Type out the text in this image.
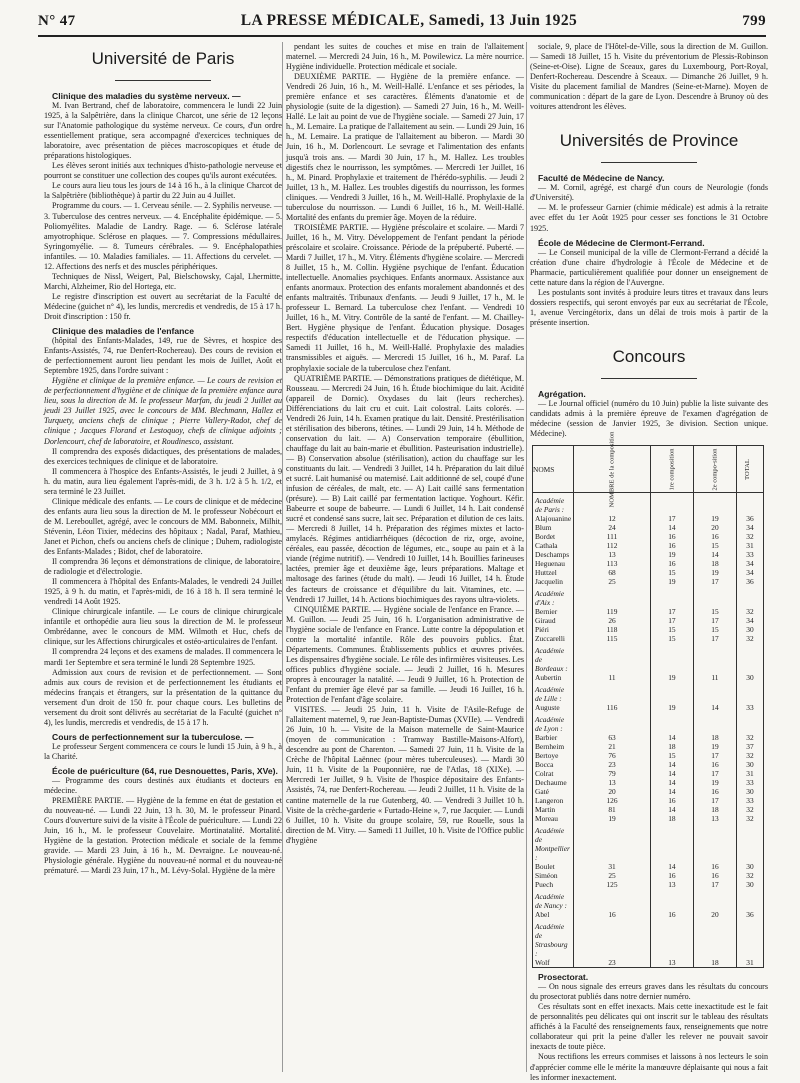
N° 47	LA PRESSE MÉDICALE, Samedi, 13 Juin 1925	799
Université de Paris
Clinique des maladies du système nerveux. —

M. Ivan Bertrand, chef de laboratoire, commencera le lundi 22 Juin 1925, à la Salpêtrière, dans la clinique Charcot, une série de 12 leçons sur l'Anatomie pathologique du système nerveux. Ce cours, d'un ordre essentiellement pratique, sera accompagné d'exercices techniques de laboratoire, avec présentation de pièces macroscopiques et étude de préparations histologiques.

Les élèves seront initiés aux techniques d'histo-pathologie nerveuse et pourront se constituer une collection des coupes qu'ils auront exécutées.

Le cours aura lieu tous les jours de 14 à 16 h., à la clinique Charcot de la Salpêtrière (bibliothèque) à partir du 22 Juin au 4 Juillet.

Programme du cours. — 1. Cerveau sénile. — 2. Syphilis nerveuse. — 3. Tuberculose des centres nerveux. — 4. Encéphalite épidémique. — 5. Poliomyélites. Maladie de Landry. Rage. — 6. Sclérose latérale amyotrophique. Sclérose en plaques. — 7. Compressions médullaires. Syringomyélie. — 8. Tumeurs cérébrales. — 9. Encéphalopathies infantiles. — 10. Maladies familiales. — 11. Affections du cervelet. — 12. Affections des nerfs et des muscles périphériques.

Techniques de Nissl, Weigert, Pal, Bielschowsky, Cajal, Lhermitte, Marchi, Alzheimer, Rio del Hortega, etc.

Le registre d'inscription est ouvert au secrétariat de la Faculté de Médecine (guichet n° 4), les lundis, mercredis et vendredis, de 15 à 17 h. Droit d'inscription : 150 fr.

Clinique des maladies de l'enfance

(hôpital des Enfants-Malades, 149, rue de Sèvres, et hospice des Enfants-Assistés, 74, rue Denfert-Rochereau). Des cours de revision et de perfectionnement auront lieu pendant les mois de Juillet, Août et Septembre 1925, dans l'ordre suivant :

Hygiène et clinique de la première enfance. — Le cours de revision et de perfectionnement d'hygiène et de clinique de la première enfance aura lieu, sous la direction de M. le professeur Marfan, du jeudi 2 Juillet au jeudi 23 Juillet 1925, avec le concours de MM. Blechmann, Hallez et Turquety, anciens chefs de clinique ; Pierre Vallery-Radot, chef de clinique ; Jacques Florand et Lestoquoy, chefs de clinique adjoints ; Dorlencourt, chef de laboratoire, et Roudinesco, assistant.

Il comprendra des exposés didactiques, des présentations de malades, des exercices techniques de clinique et de laboratoire.

Il commencera à l'hospice des Enfants-Assistés, le jeudi 2 Juillet, à 9 h. du matin, aura lieu également l'après-midi, de 3 h. 1/2 à 5 h. 1/2, et sera terminé le 23 Juillet.

Clinique médicale des enfants. — Le cours de clinique et de médecine des enfants aura lieu sous la direction de M. le professeur Nobécourt et de M. Lereboullet, agrégé, avec le concours de MM. Babonneix, Milhit, Stévenin, Léon Tixier, médecins des hôpitaux ; Nadal, Paraf, Mathieu, Janet et Pichon, chefs ou anciens chefs de clinique ; Duhem, radiologiste des Enfants-Malades ; Bidot, chef de laboratoire.

Il comprendra 36 leçons et démonstrations de clinique, de laboratoire, de radiologie et d'électrologie.

Il commencera à l'hôpital des Enfants-Malades, le vendredi 24 Juillet 1925, à 9 h. du matin, et l'après-midi, de 16 à 18 h. Il sera terminé le vendredi 14 Août 1925.

Clinique chirurgicale infantile. — Le cours de clinique chirurgicale infantile et orthopédie aura lieu sous la direction de M. le professeur Ombrédanne, avec le concours de MM. Wilmoth et Huc, chefs de clinique, sur les Affections chirurgicales et ostéo-articulaires de l'enfant.

Il comprendra 24 leçons et des examens de malades. Il commencera le mardi 1er Septembre et sera terminé le lundi 28 Septembre 1925.

Admission aux cours de revision et de perfectionnement. — Sont admis aux cours de revision et de perfectionnement les étudiants et médecins français et étrangers, sur la présentation de la quittance du versement d'un droit de 150 fr. pour chaque cours. Les bulletins de versement du droit sont délivrés au secrétariat de la Faculté (guichet n° 4), les lundis, mercredis et vendredis, de 15 à 17 h.

Cours de perfectionnement sur la tuberculose. —

Le professeur Sergent commencera ce cours le lundi 15 Juin, à 9 h., à la Charité.

École de puériculture (64, rue Desnouettes, Paris, XVe).

— Programme des cours destinés aux étudiants et docteurs en médecine.

PREMIÈRE PARTIE. — Hygiène de la femme en état de gestation et du nouveau-né. — Lundi 22 Juin, 13 h. 30, M. le professeur Pinard. Cours d'ouverture suivi de la visite à l'École de puériculture. — Lundi 22 Juin, 16 h., M. le professeur Couvelaire. Mortinatalité. Mortalité. Hygiène de la gestation. Protection médicale et sociale de la femme gravide. — Mardi 23 Juin, à 16 h., M. Devraigne. Le nouveau-né. Physiologie générale. Hygiène du nouveau-né normal et du nouveau-né prématuré. — Mardi 23 Juin, 17 h., M. Lévy-Solal. Hygiène de la mère

pendant les suites de couches et mise en train de l'allaitement maternel. — Mercredi 24 Juin, 16 h., M. Powilewicz. La mère nourrice. Hygiène individuelle. Protection médicale et sociale.

DEUXIÈME PARTIE. — Hygiène de la première enfance. — Vendredi 26 Juin, 16 h., M. Weill-Hallé. L'enfance et ses périodes, la première enfance et ses caractères. Éléments d'anatomie et de physiologie (suite de la digestion). — Samedi 27 Juin, 16 h., M. Weill-Hallé. Le lait au point de vue de l'hygiène sociale. — Samedi 27 Juin, 17 h., M. Lemaire. La pratique de l'allaitement au sein. — Lundi 29 Juin, 16 h., M. Lemaire. La pratique de l'allaitement au biberon. — Mardi 30 Juin, 16 h., M. Dorlencourt. Le sevrage et l'alimentation des enfants jusqu'à trois ans. — Mardi 30 Juin, 17 h., M. Hallez. Les troubles digestifs chez le nourrisson, les symptômes. — Mercredi 1er Juillet, 16 h., M. Pinard. Prophylaxie et traitement de l'hérédo-syphilis. — Jeudi 2 Juillet, 13 h., M. Hallez. Les troubles digestifs du nourrisson, les formes cliniques. — Vendredi 3 Juillet, 16 h., M. Weill-Hallé. Prophylaxie de la tuberculose du nourrisson. — Lundi 6 Juillet, 16 h., M. Weill-Hallé. Mortalité des enfants du premier âge. Moyen de la réduire.

TROISIÈME PARTIE. — Hygiène préscolaire et scolaire. — Mardi 7 Juillet, 16 h., M. Vitry. Développement de l'enfant pendant la période préscolaire et scolaire. Croissance. Période de la prépuberté. Puberté. — Mardi 7 Juillet, 17 h., M. Vitry. Éléments d'hygiène scolaire. — Mercredi 8 Juillet, 15 h., M. Collin. Hygiène psychique de l'enfant. Éducation intellectuelle. Anomalies psychiques. Enfants anormaux. Assistance aux enfants anormaux. Protection des enfants moralement abandonnés et des enfants maltraités. Tribunaux d'enfants. — Jeudi 9 Juillet, 17 h., M. le professeur L. Bernard. La tuberculose chez l'enfant. — Vendredi 10 Juillet, 16 h., M. Vitry. Contrôle de la santé de l'enfant. — M. Chailley-Bert. Hygiène physique de l'enfant. Éducation physique. Dosages respectifs d'éducation intellectuelle et de l'éducation physique. — Samedi 11 Juillet, 16 h., M. Weill-Hallé. Prophylaxie des maladies transmissibles et aiguës. — Mercredi 15 Juillet, 16 h., M. Paraf. La prophylaxie sociale de la tuberculose chez l'enfant.

QUATRIÈME PARTIE. — Démonstrations pratiques de diététique, M. Rousseau. — Mercredi 24 Juin, 16 h. Étude biochimique du lait. Acidité (appareil de Dornic). Oxydases du lait (leurs recherches). Différenciations du lait cru et cuit. Lait colostral. Laits colorés. — Vendredi 26 Juin, 14 h. Examen pratique du lait. Densité. Prestérilisation et stérilisation des biberons, tétines. — Lundi 29 Juin, 14 h. Méthode de conservation du lait. — A) Conservation temporaire (ébullition, chauffage du lait au bain-marie et ébullition. Pasteurisation industrielle). — B) Conservation absolue (stérilisation), action du chauffage sur les constituants du lait. — Vendredi 3 Juillet, 14 h. Préparation du lait dilué et sucré. Lait humanisé ou maternisé. Lait additionné de sel, coupé d'une infusion de céréales, de malt, etc. — A) Lait caillé sans fermentation (présure). — B) Lait caillé par fermentation lactique. Yoghourt. Kéfir. Babeurre et soupe de babeurre. — Lundi 6 Juillet, 14 h. Lait condensé sucré et condensé sans sucre, lait sec. Préparation et dilution de ces laits. — Mercredi 8 Juillet, 14 h. Préparation des régimes mixtes et lacto-amylacés. Régimes antidiarrhéiques (décoction de riz, orge, avoine, céréales, eau passée, décoction de légumes, etc., soupe au pain et à la viande (régime nutritif). — Vendredi 10 Juillet, 14 h. Bouillies farineuses lactées, premier âge et deuxième âge, leurs préparations. Maltage et maltosage des farines (étude du malt). — Jeudi 16 Juillet, 14 h. Étude des facteurs de croissance et d'équilibre du lait. Vitamines, etc. — Vendredi 17 Juillet, 14 h. Actions biochimiques des rayons ultra-violets.

CINQUIÈME PARTIE. — Hygiène sociale de l'enfance en France. — M. Guillon. — Jeudi 25 Juin, 16 h. L'organisation administrative de l'hygiène sociale de l'enfance en France. Lutte contre la dépopulation et contre la mortalité infantile. Rôle des pouvoirs publics. État. Départements. Communes. Établissements publics et œuvres privées. Les dispensaires d'hygiène sociale. Le rôle des infirmières visiteuses. Les offices publics d'hygiène sociale. — Jeudi 2 Juillet, 16 h. Mesures propres à encourager la natalité. — Jeudi 9 Juillet, 16 h. Protection de l'enfant du premier âge élevé par sa famille. — Jeudi 16 Juillet, 16 h. Protection de l'enfant d'âge scolaire.

VISITES. — Jeudi 25 Juin, 11 h. Visite de l'Asile-Refuge de l'allaitement maternel, 9, rue Jean-Baptiste-Dumas (XVIIe). — Vendredi 26 Juin, 10 h. — Visite de la Maison maternelle de Saint-Maurice (moyen de communication : Tramway Bastille-Maisons-Alfort), descendre au pont de Charenton. — Samedi 27 Juin, 11 h. Visite de la Crèche de l'hôpital Laënnec (pour mères tuberculeuses). — Mardi 30 Juin, 11 h. Visite de la Pouponnière, rue de l'Atlas, 18 (XIXe). — Mercredi 1er Juillet, 9 h. Visite de l'hospice dépositaire des Enfants-Assistés, 74, rue Denfert-Rochereau. — Jeudi 2 Juillet, 11 h. Visite de la cantine maternelle de la rue Gutenberg, 40. — Vendredi 3 Juillet 10 h. Visite de la crèche-garderie « Furtado-Heine », 7, rue Jacquier. — Lundi 6 Juillet, 10 h. Visite du groupe scolaire, 59, rue Rouelle, sous la direction de M. Vitry. — Samedi 11 Juillet, 10 h. Visite de l'Office public d'hygiène

sociale, 9, place de l'Hôtel-de-Ville, sous la direction de M. Guillon. — Samedi 18 Juillet, 15 h. Visite du préventorium de Plessis-Robinson (Seine-et-Oise). Ligne de Sceaux, gares du Luxembourg, Port-Royal, Denfert-Rochereau. Descendre à Sceaux. — Dimanche 26 Juillet, 9 h. Visite du placement familial de Mandres (Seine-et-Marne). Moyen de communication : départ de la gare de Lyon. Descendre à Brunoy où des voitures attendront les élèves.

Universités de Province
Faculté de Médecine de Nancy.

— M. Cornil, agrégé, est chargé d'un cours de Neurologie (fonds d'Université).

— M. le professeur Garnier (chimie médicale) est admis à la retraite avec effet du 1er Août 1925 pour cesser ses fonctions le 31 Octobre 1925.

École de Médecine de Clermont-Ferrand.

— Le Conseil municipal de la ville de Clermont-Ferrand a décidé la création d'une chaire d'hydrologie à l'École de Médecine et de Pharmacie, particulièrement qualifiée pour donner un enseignement de cette nature dans la région de l'Auvergne.

Les postulants sont invités à produire leurs titres et travaux dans leurs dossiers respectifs, qui seront envoyés par eux au secrétariat de l'École, 1, avenue Vercingétorix, dans un délai de trois mois à partir de la présente insertion.

Concours
Agrégation.

— Le Journal officiel (numéro du 10 Juin) publie la liste suivante des candidats admis à la première épreuve de l'examen d'agrégation de médecine (session de Janvier 1925, 3e division. Section unique. Médecine).

NOMS	NOMBRE de la composition	1re composition	2e compo-sition	TOTAL
Académie de Paris :				
Alajouanine	12	17	19	36
Blum	24	14	20	34
Bordet	111	16	16	32
Cathala	112	16	15	31
Deschamps	13	19	14	33
Heguenau	113	16	18	34
Huttzel	68	15	19	34
Jacquelin	25	19	17	36
Académie d'Aix :				
Bernier	119	17	15	32
Giraud	26	17	17	34
Piéri	118	15	15	30
Zuccarelli	115	15	17	32
Académie de Bordeaux :				
Aubertin	11	19	11	30
Académie de Lille :				
Auguste	116	19	14	33
Académie de Lyon :				
Barbier	63	14	18	32
Bernheim	21	18	19	37
Bertoye	76	15	17	32
Bocca	23	14	16	30
Colrat	79	14	17	31
Dechaume	13	14	19	33
Gaté	20	14	16	30
Langeron	126	16	17	33
Martin	81	14	18	32
Moreau	19	18	13	32
Académie de Montpellier :				
Boulet	31	14	16	30
Siméon	25	16	16	32
Puech	125	13	17	30
Académie de Nancy :				
Abel	16	16	20	36
Académie de Strasbourg :				
Wolf	23	13	18	31
Prosectorat.

— On nous signale des erreurs graves dans les résultats du concours du prosectorat publiés dans notre dernier numéro.

Ces résultats sont en effet inexacts. Mais cette inexactitude est le fait de personnalités peu délicates qui ont inscrit sur le tableau des résultats affichés à la Faculté des renseignements faux, renseignements que notre collaborateur qui prit la peine d'aller les relever ne pouvait savoir inexacts de toute pièce.

Nous rectifions les erreurs commises et laissons à nos lecteurs le soin d'apprécier comme elle le mérite la manœuvre déplaisante qui nous a fait les informer inexactement.
